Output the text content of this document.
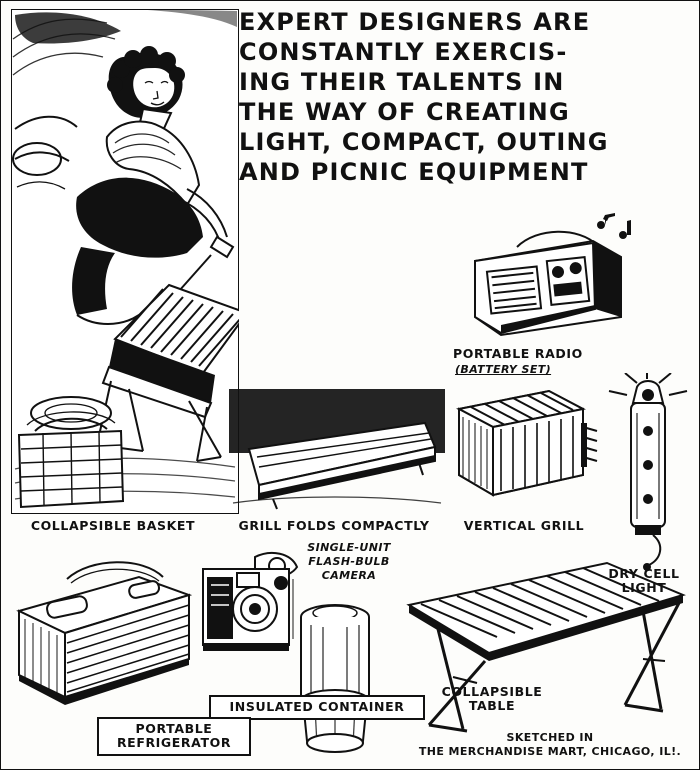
EXPERT DESIGNERS ARE
CONSTANTLY EXERCIS-
ING THEIR TALENTS IN
THE WAY OF CREATING
LIGHT, COMPACT, OUTING
AND PICNIC EQUIPMENT
PORTABLE RADIO
(BATTERY SET)
SINGLE-UNIT
FLASH-BULB
CAMERA
COLLAPSIBLE BASKET	GRILL FOLDS COMPACTLY	VERTICAL GRILL
DRY CELL
LIGHT
INSULATED CONTAINER
PORTABLE
REFRIGERATOR
COLLAPSIBLE
TABLE
SKETCHED IN
THE MERCHANDISE MART, CHICAGO, IL!.
